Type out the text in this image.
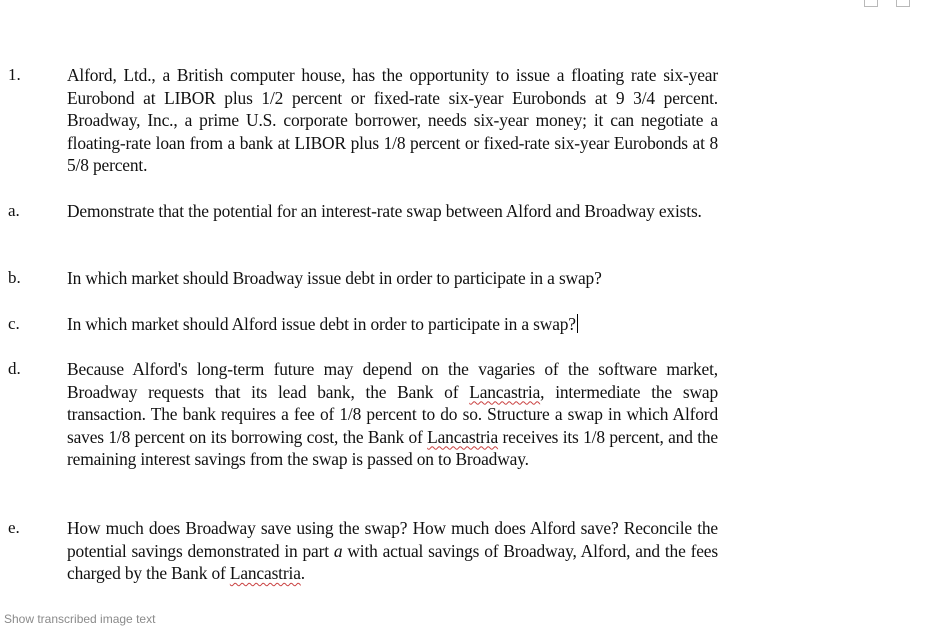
1.	Alford, Ltd., a British computer house, has the opportunity to issue a floating rate six-year Eurobond at LIBOR plus 1/2 percent or fixed-rate six-year Eurobonds at 9 3/4 percent. Broadway, Inc., a prime U.S. corporate borrower, needs six-year money; it can negotiate a floating-rate loan from a bank at LIBOR plus 1/8 percent or fixed-rate six-year Eurobonds at 8 5/8 percent.
a.	Demonstrate that the potential for an interest-rate swap between Alford and Broadway exists.
b.	In which market should Broadway issue debt in order to participate in a swap?
c.	In which market should Alford issue debt in order to participate in a swap?
d.	Because Alford's long-term future may depend on the vagaries of the software market, Broadway requests that its lead bank, the Bank of Lancastria, intermediate the swap transaction. The bank requires a fee of 1/8 percent to do so. Structure a swap in which Alford saves 1/8 percent on its borrowing cost, the Bank of Lancastria receives its 1/8 percent, and the remaining interest savings from the swap is passed on to Broadway.
e.	How much does Broadway save using the swap? How much does Alford save? Reconcile the potential savings demonstrated in part a with actual savings of Broadway, Alford, and the fees charged by the Bank of Lancastria.
Show transcribed image text
